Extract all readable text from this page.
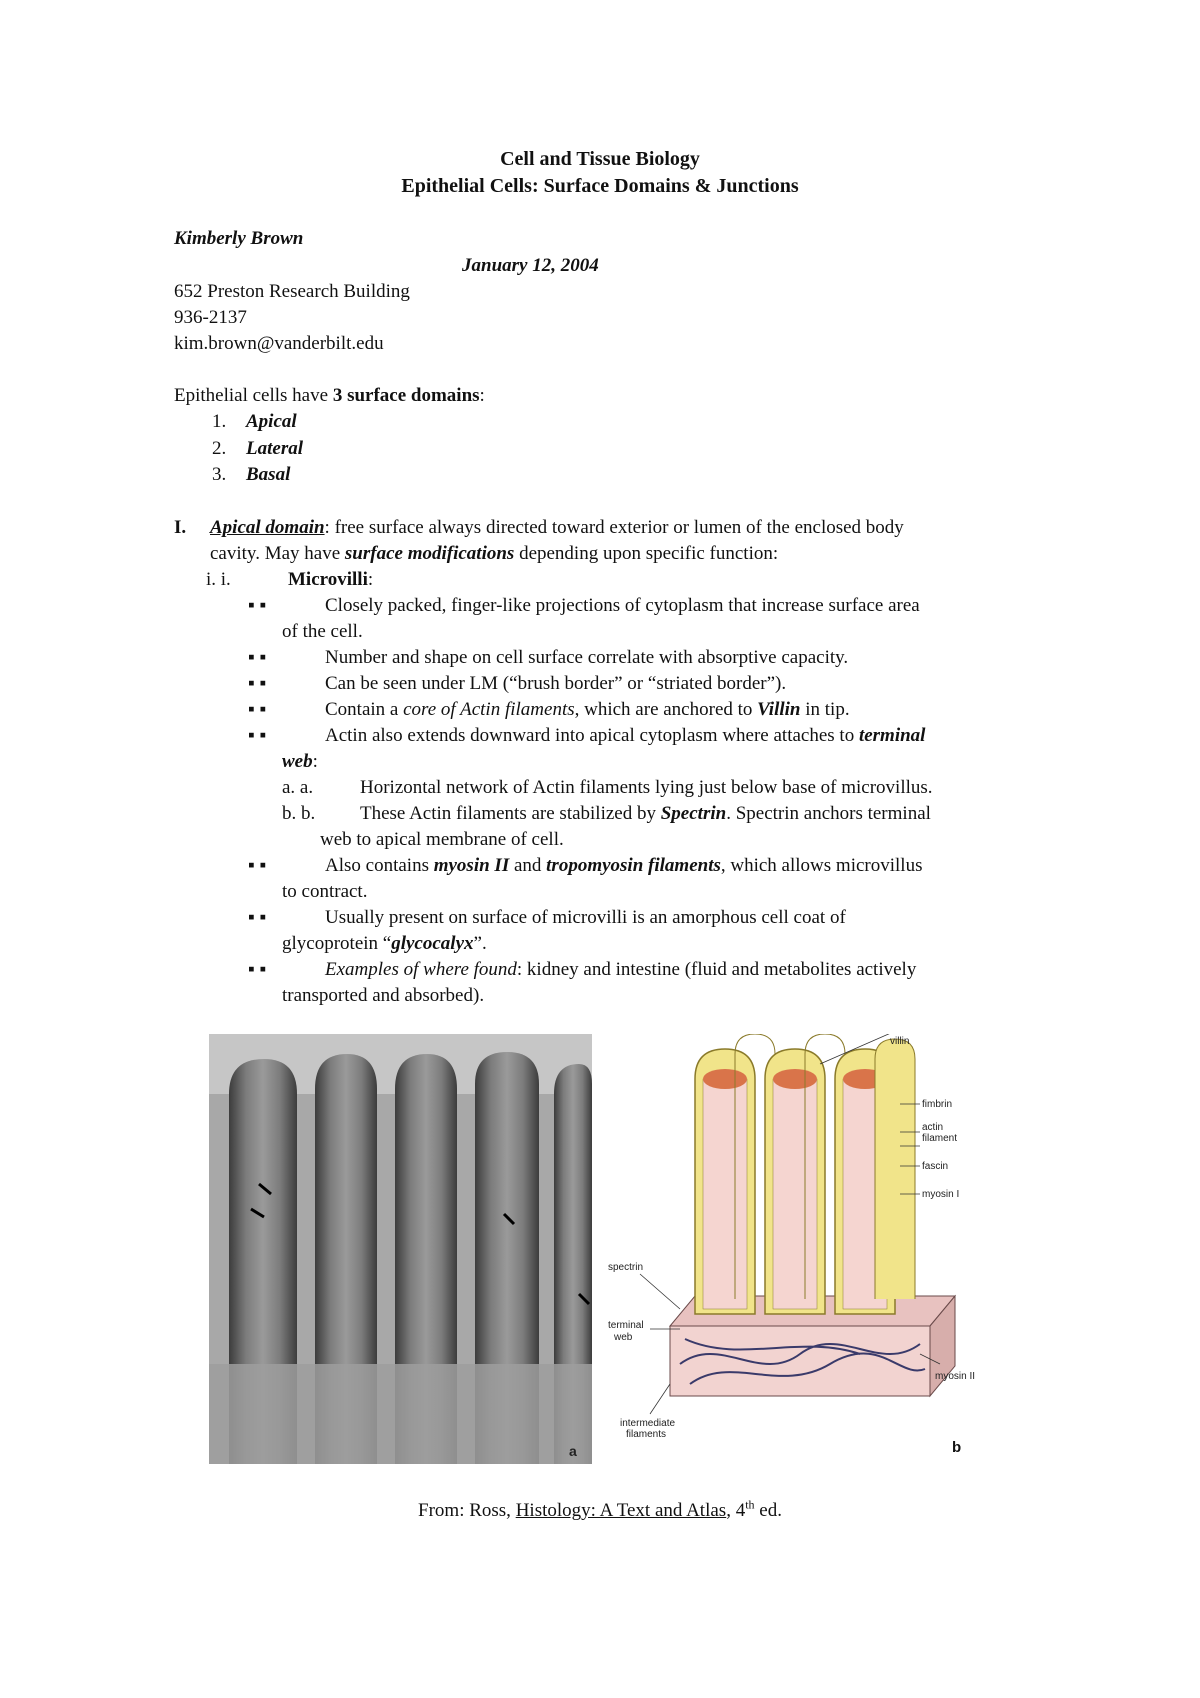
Cell and Tissue Biology
Epithelial Cells: Surface Domains & Junctions
Kimberly Brown
January 12, 2004
652 Preston Research Building
936-2137
kim.brown@vanderbilt.edu
Epithelial cells have 3 surface domains:
1. Apical
2. Lateral
3. Basal
I. Apical domain: free surface always directed toward exterior or lumen of the enclosed body
cavity. May have surface modifications depending upon specific function:
i. i.	Microvilli:
▪ ▪	Closely packed, finger-like projections of cytoplasm that increase surface area
of the cell.
▪ ▪	Number and shape on cell surface correlate with absorptive capacity.
▪ ▪	Can be seen under LM (“brush border” or “striated border”).
▪ ▪	Contain a core of Actin filaments, which are anchored to Villin in tip.
▪ ▪	Actin also extends downward into apical cytoplasm where attaches to terminal
web:
a. a. Horizontal network of Actin filaments lying just below base of microvillus.
b. b. These Actin filaments are stabilized by Spectrin. Spectrin anchors terminal
web to apical membrane of cell.
▪ ▪	Also contains myosin II and tropomyosin filaments, which allows microvillus
to contract.
▪ ▪	Usually present on surface of microvilli is an amorphous cell coat of
glycoprotein “glycocalyx”.
▪ ▪	Examples of where found: kidney and intestine (fluid and metabolites actively
transported and absorbed).
a
villin
fimbrin
actin
filament
fascin
myosin I
spectrin
terminal
web
myosin II
intermediate
filaments
b
From: Ross, Histology: A Text and Atlas, 4th ed.
